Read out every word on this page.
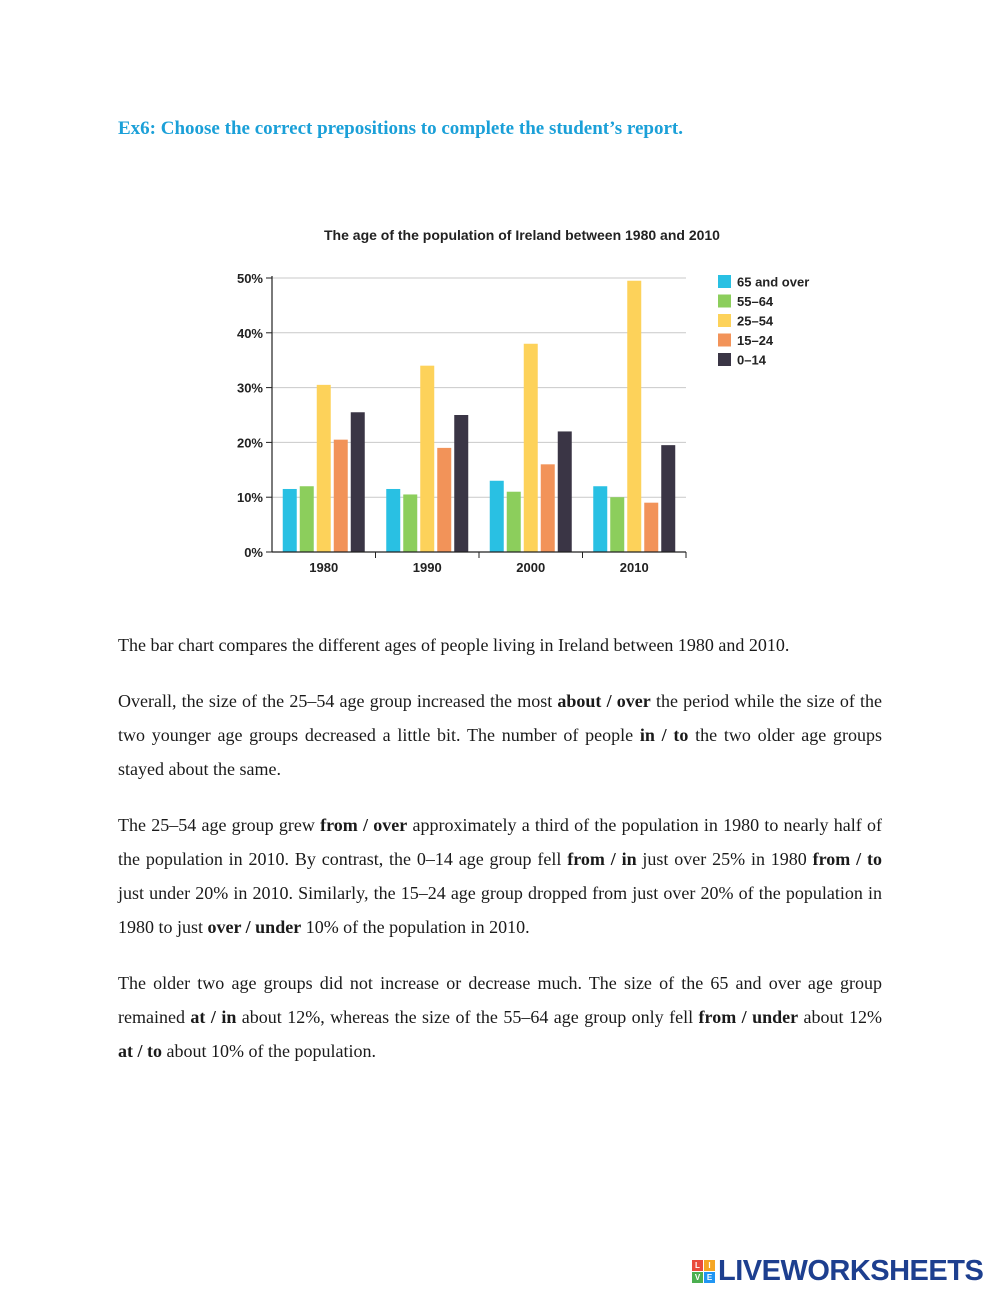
Ex6: Choose the correct prepositions to complete the student’s report.
The age of the population of Ireland between 1980 and 2010
0%
10%
20%
30%
40%
50%
1980	1990	2000	2010
65 and over
55–64
25–54
15–24
0–14

The bar chart compares the different ages of people living in Ireland between 1980 and 2010.

Overall, the size of the 25–54 age group increased the most about / over the period while the size of the two younger age groups decreased a little bit. The number of people in / to the two older age groups stayed about the same.

The 25–54 age group grew from / over approximately a third of the population in 1980 to nearly half of the population in 2010. By contrast, the 0–14 age group fell from / in just over 25% in 1980 from / to just under 20% in 2010. Similarly, the 15–24 age group dropped from just over 20% of the population in 1980 to just over / under 10% of the population in 2010.

The older two age groups did not increase or decrease much. The size of the 65 and over age group remained at / in about 12%, whereas the size of the 55–64 age group only fell from / under about 12% at / to about 10% of the population.

L	I
V E LIVEWORKSHEETS
